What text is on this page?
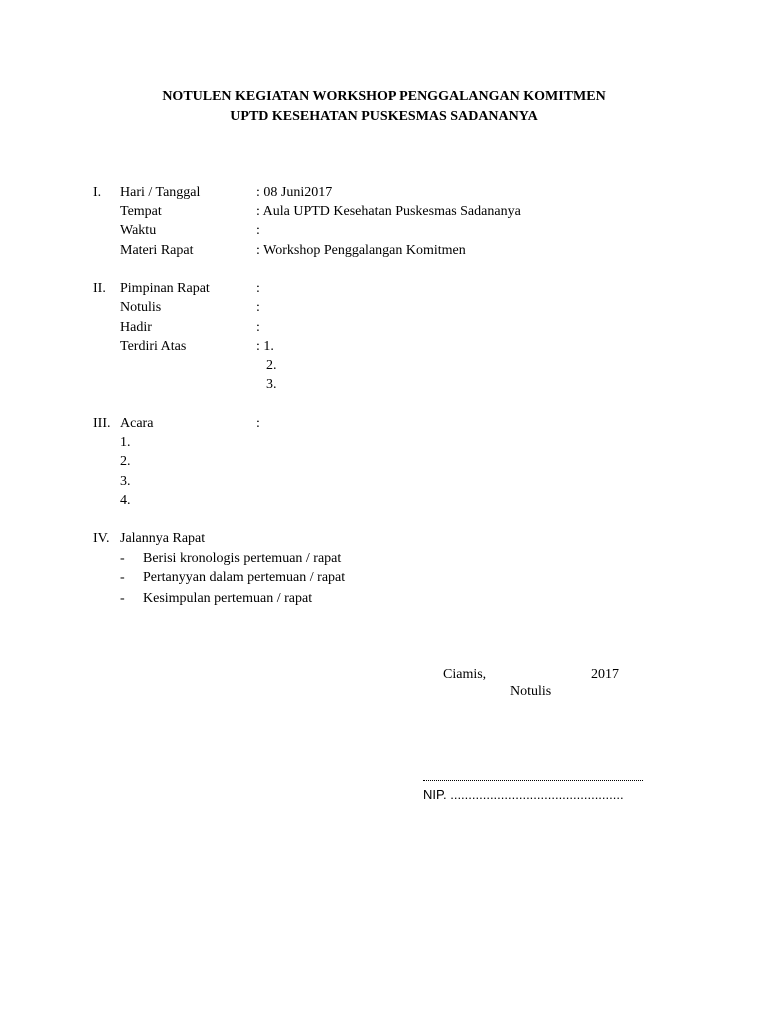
NOTULEN KEGIATAN WORKSHOP PENGGALANGAN KOMITMEN
UPTD KESEHATAN PUSKESMAS SADANANYA
I. Hari / Tanggal	: 08 Juni2017
Tempat	: Aula UPTD Kesehatan Puskesmas Sadananya
Waktu	:
Materi Rapat	: Workshop Penggalangan Komitmen
II. Pimpinan Rapat	:
Notulis	:
Hadir	:
Terdiri Atas	: 1.
2.
3.
III. Acara	:
1.
2.
3.
4.
IV. Jalannya Rapat
- Berisi kronologis pertemuan / rapat
- Pertanyyan dalam pertemuan / rapat
- Kesimpulan pertemuan / rapat
Ciamis,	2017
Notulis
NIP. ................................................
